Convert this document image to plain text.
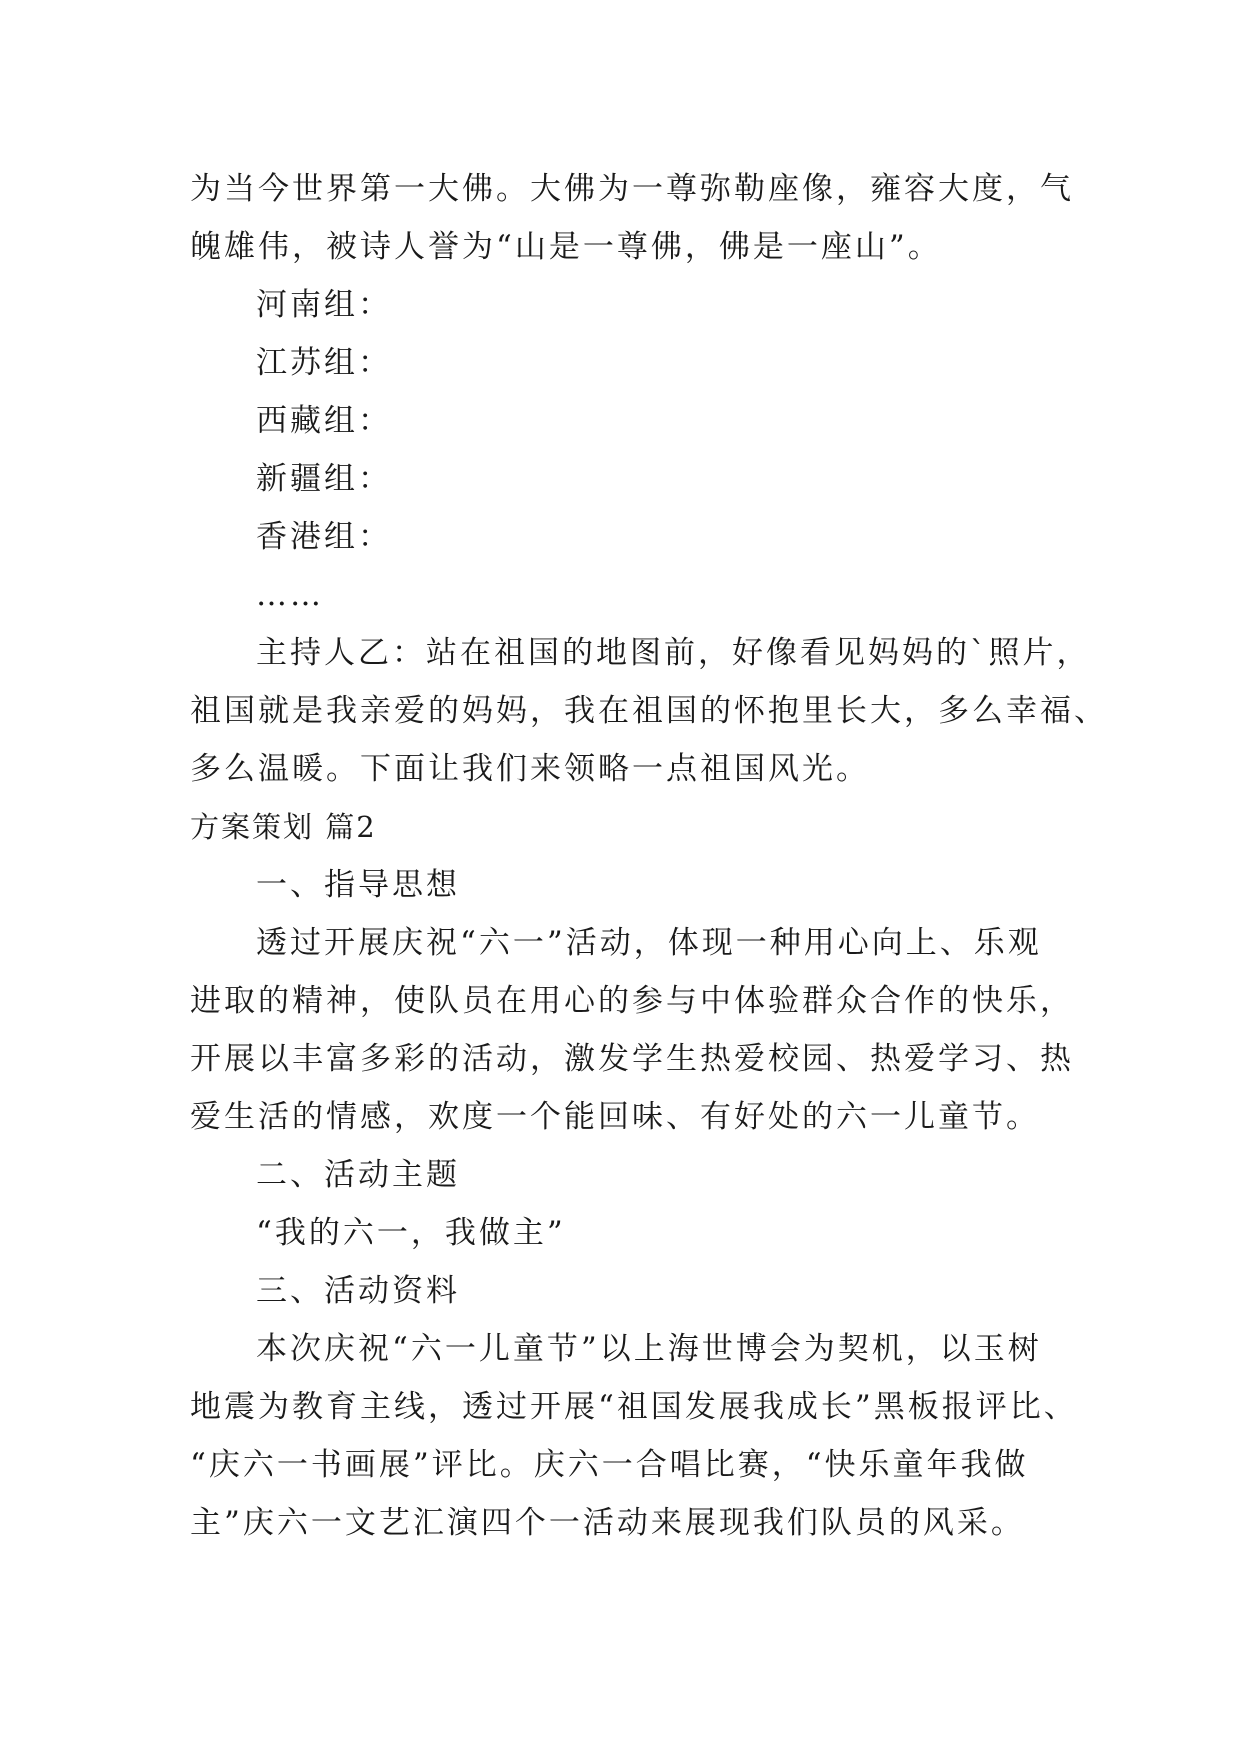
为当今世界第一大佛。大佛为一尊弥勒座像，雍容大度，气
魄雄伟，被诗人誉为“山是一尊佛，佛是一座山”。
河南组：
江苏组：
西藏组：
新疆组：
香港组：
……
主持人乙：站在祖国的地图前，好像看见妈妈的`照片，
祖国就是我亲爱的妈妈，我在祖国的怀抱里长大，多么幸福、
多么温暖。下面让我们来领略一点祖国风光。
方案策划 篇2
一、指导思想
透过开展庆祝“六一”活动，体现一种用心向上、乐观
进取的精神，使队员在用心的参与中体验群众合作的快乐，
开展以丰富多彩的活动，激发学生热爱校园、热爱学习、热
爱生活的情感，欢度一个能回味、有好处的六一儿童节。
二、活动主题
“我的六一，我做主”
三、活动资料
本次庆祝“六一儿童节”以上海世博会为契机，以玉树
地震为教育主线，透过开展“祖国发展我成长”黑板报评比、
“庆六一书画展”评比。庆六一合唱比赛，“快乐童年我做
主”庆六一文艺汇演四个一活动来展现我们队员的风采。
